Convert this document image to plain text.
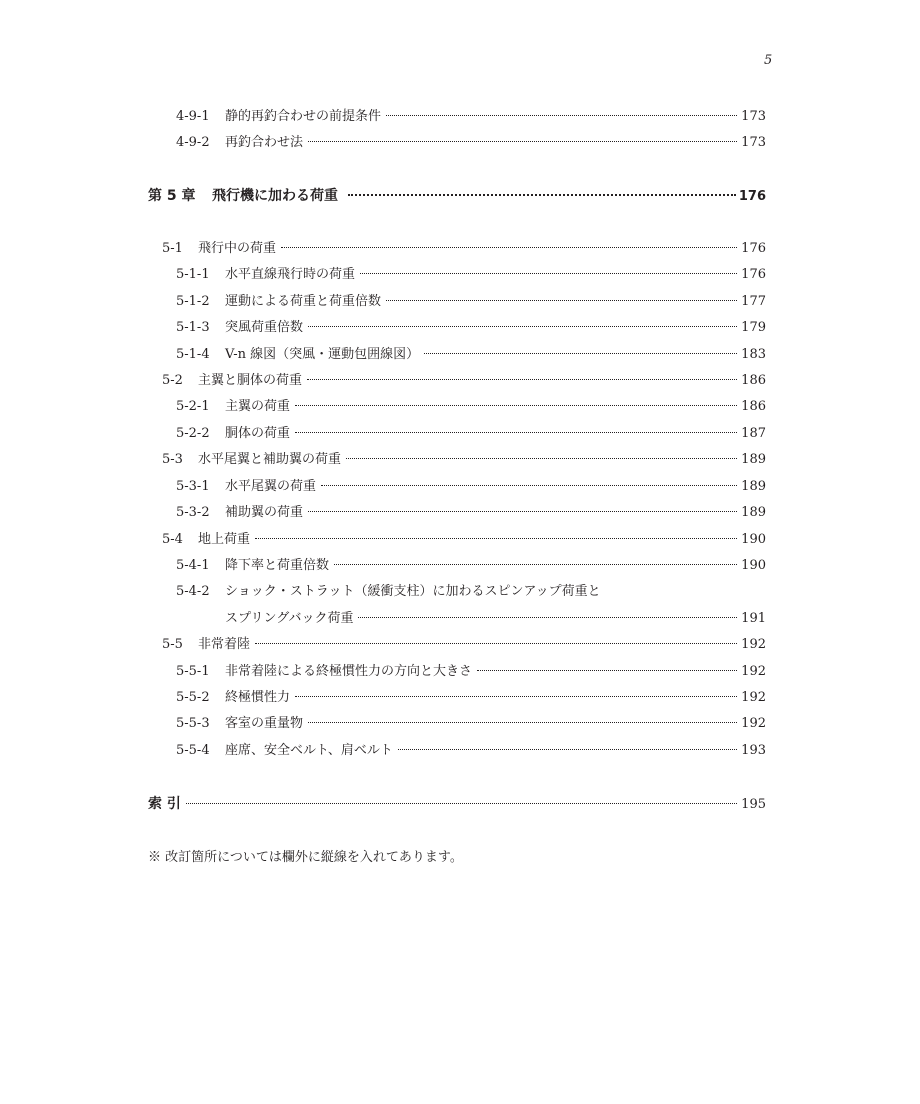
5
4-9-1	静的再釣合わせの前提条件	173
4-9-2	再釣合わせ法	173
第 5 章	飛行機に加わる荷重	176
5-1	飛行中の荷重	176
5-1-1	水平直線飛行時の荷重	176
5-1-2	運動による荷重と荷重倍数	177
5-1-3	突風荷重倍数	179
5-1-4	V-n 線図（突風・運動包囲線図）	183
5-2	主翼と胴体の荷重	186
5-2-1	主翼の荷重	186
5-2-2	胴体の荷重	187
5-3	水平尾翼と補助翼の荷重	189
5-3-1	水平尾翼の荷重	189
5-3-2	補助翼の荷重	189
5-4	地上荷重	190
5-4-1	降下率と荷重倍数	190
5-4-2	ショック・ストラット（緩衝支柱）に加わるスピンアップ荷重と
スプリングバック荷重	191
5-5	非常着陸	192
5-5-1	非常着陸による終極慣性力の方向と大きさ	192
5-5-2	終極慣性力	192
5-5-3	客室の重量物	192
5-5-4	座席、安全ベルト、肩ベルト	193
索 引	195
※ 改訂箇所については欄外に縦線を入れてあります。
